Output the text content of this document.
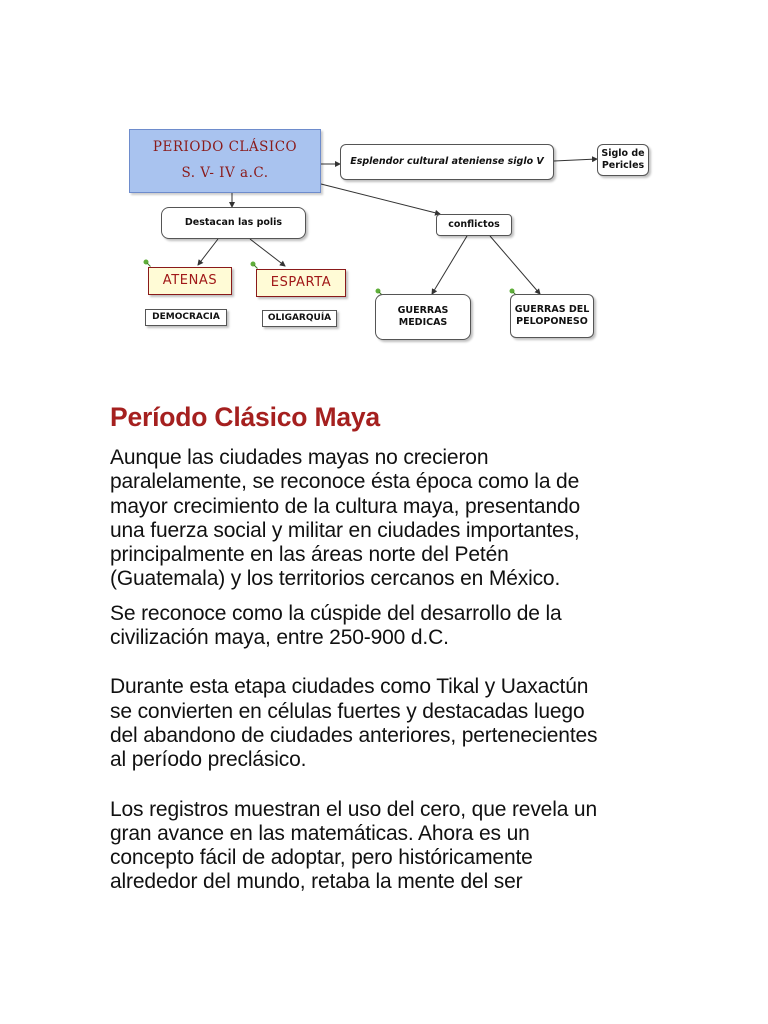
PERIODO CLÁSICO
S. V- IV a.C.
Esplendor cultural ateniense siglo V
Siglo de
Pericles
Destacan las polis	conflictos
ATENAS	ESPARTA
DEMOCRACIA	OLIGARQUÍA
GUERRAS
MEDICAS
GUERRAS DEL
PELOPONESO
Período Clásico Maya

Aunque las ciudades mayas no crecieron
paralelamente, se reconoce ésta época como la de
mayor crecimiento de la cultura maya, presentando
una fuerza social y militar en ciudades importantes,
principalmente en las áreas norte del Petén
(Guatemala) y los territorios cercanos en México.

Se reconoce como la cúspide del desarrollo de la
civilización maya, entre 250-900 d.C.

Durante esta etapa ciudades como Tikal y Uaxactún
se convierten en células fuertes y destacadas luego
del abandono de ciudades anteriores, pertenecientes
al período preclásico.

Los registros muestran el uso del cero, que revela un
gran avance en las matemáticas. Ahora es un
concepto fácil de adoptar, pero históricamente
alrededor del mundo, retaba la mente del ser
